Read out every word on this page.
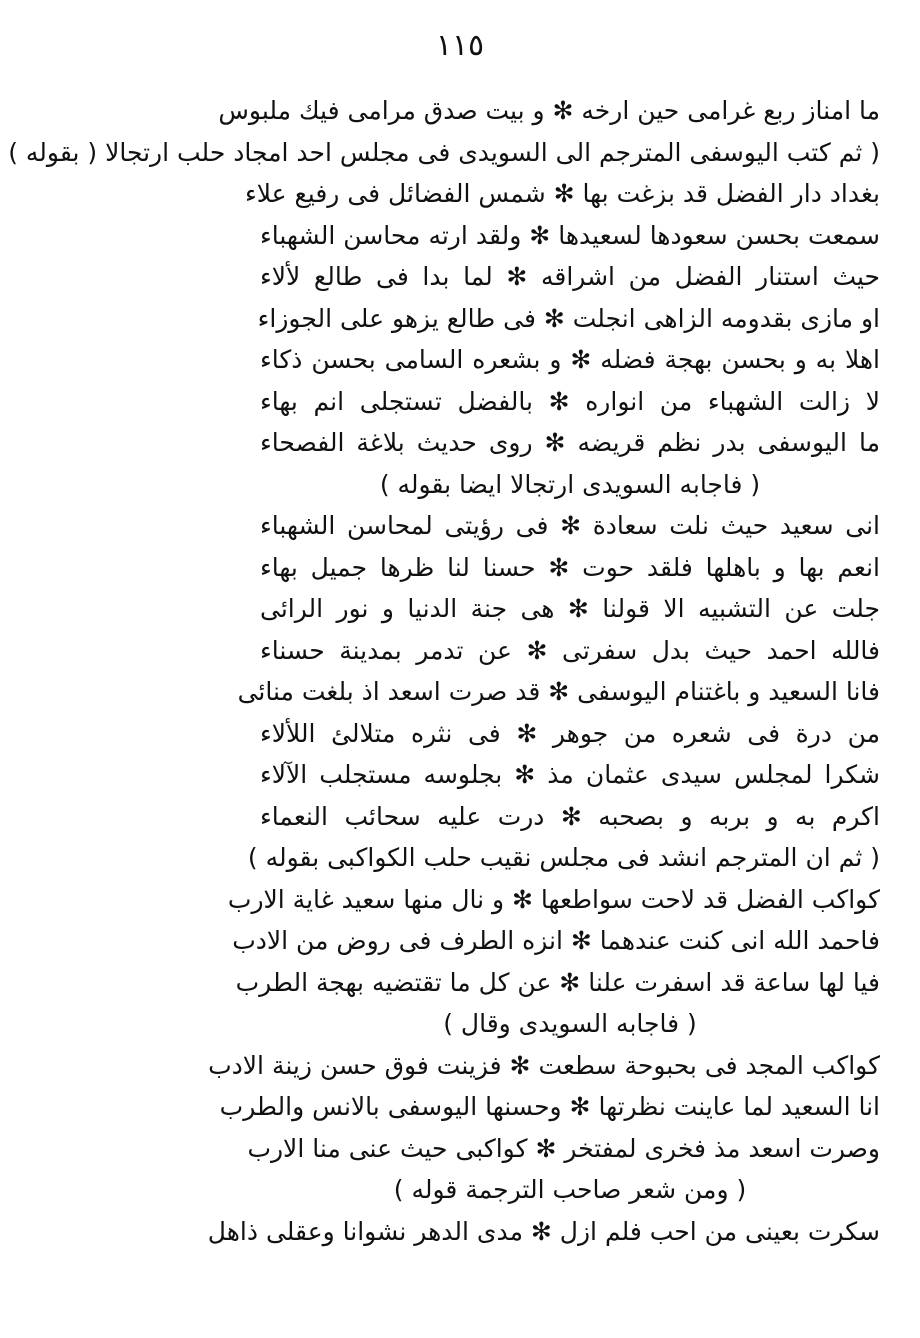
١١٥
ما امناز ربع غرامى حين ارخه ✻ و بيت صدق مرامى فيك ملبوس
( ثم كتب اليوسفى المترجم الى السويدى فى مجلس احد امجاد حلب ارتجالا ( بقوله )
بغداد دار الفضل قد بزغت بها ✻ شمس الفضائل فى رفيع علاء
سمعت بحسن سعودها لسعيدها ✻ ولقد ارته محاسن الشهباء
حيث استنار الفضل من اشراقه ✻ لما بدا فى طالع لألاء
او مازى بقدومه الزاهى انجلت ✻ فى طالع يزهو على الجوزاء
اهلا به و بحسن بهجة فضله ✻ و بشعره السامى بحسن ذكاء
لا زالت الشهباء من انواره ✻ بالفضل تستجلى انم بهاء
ما اليوسفى بدر نظم قريضه ✻ روى حديث بلاغة الفصحاء
( فاجابه السويدى ارتجالا ايضا بقوله )
انى سعيد حيث نلت سعادة ✻ فى رؤيتى لمحاسن الشهباء
انعم بها و باهلها فلقد حوت ✻ حسنا لنا ظرها جميل بهاء
جلت عن التشبيه الا قولنا ✻ هى جنة الدنيا و نور الرائى
فالله احمد حيث بدل سفرتى ✻ عن تدمر بمدينة حسناء
فانا السعيد و باغتنام اليوسفى ✻ قد صرت اسعد اذ بلغت منائى
من درة فى شعره من جوهر ✻ فى نثره متلالئ اللألاء
شكرا لمجلس سيدى عثمان مذ ✻ بجلوسه مستجلب الآلاء
اكرم به و بربه و بصحبه ✻ درت عليه سحائب النعماء
( ثم ان المترجم انشد فى مجلس نقيب حلب الكواكبى بقوله )
كواكب الفضل قد لاحت سواطعها ✻ و نال منها سعيد غاية الارب
فاحمد الله انى كنت عندهما ✻ انزه الطرف فى روض من الادب
فيا لها ساعة قد اسفرت علنا ✻ عن كل ما تقتضيه بهجة الطرب
( فاجابه السويدى وقال )
كواكب المجد فى بحبوحة سطعت ✻ فزينت فوق حسن زينة الادب
انا السعيد لما عاينت نظرتها ✻ وحسنها اليوسفى بالانس والطرب
وصرت اسعد مذ فخرى لمفتخر ✻ كواكبى حيث عنى منا الارب
( ومن شعر صاحب الترجمة قوله )
سكرت بعينى من احب فلم ازل ✻ مدى الدهر نشوانا وعقلى ذاهل
